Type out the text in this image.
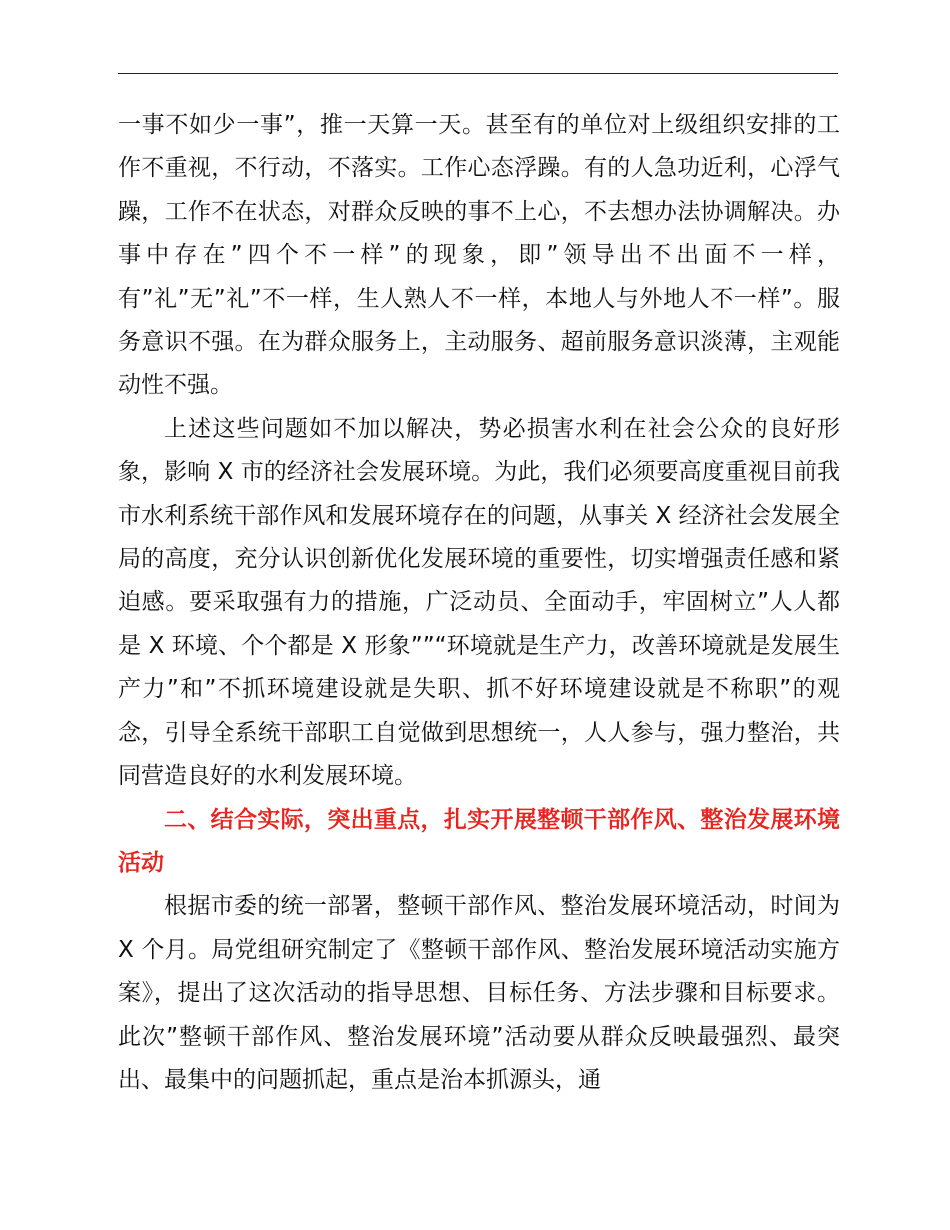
一事不如少一事”，推一天算一天。甚至有的单位对上级组织安排的工作不重视，不行动，不落实。工作心态浮躁。有的人急功近利，心浮气躁，工作不在状态，对群众反映的事不上心，不去想办法协调解决。办事中存在”四个不一样”的现象，即”领导出不出面不一样，有”礼”无”礼”不一样，生人熟人不一样，本地人与外地人不一样”。服务意识不强。在为群众服务上，主动服务、超前服务意识淡薄，主观能动性不强。

上述这些问题如不加以解决，势必损害水利在社会公众的良好形象，影响 X 市的经济社会发展环境。为此，我们必须要高度重视目前我市水利系统干部作风和发展环境存在的问题，从事关 X 经济社会发展全局的高度，充分认识创新优化发展环境的重要性，切实增强责任感和紧迫感。要采取强有力的措施，广泛动员、全面动手，牢固树立”人人都是 X 环境、个个都是 X 形象””“环境就是生产力，改善环境就是发展生产力”和”不抓环境建设就是失职、抓不好环境建设就是不称职”的观念，引导全系统干部职工自觉做到思想统一，人人参与，强力整治，共同营造良好的水利发展环境。

二、结合实际，突出重点，扎实开展整顿干部作风、整治发展环境活动

根据市委的统一部署，整顿干部作风、整治发展环境活动，时间为 X 个月。局党组研究制定了《整顿干部作风、整治发展环境活动实施方案》，提出了这次活动的指导思想、目标任务、方法步骤和目标要求。此次”整顿干部作风、整治发展环境”活动要从群众反映最强烈、最突出、最集中的问题抓起，重点是治本抓源头，通
